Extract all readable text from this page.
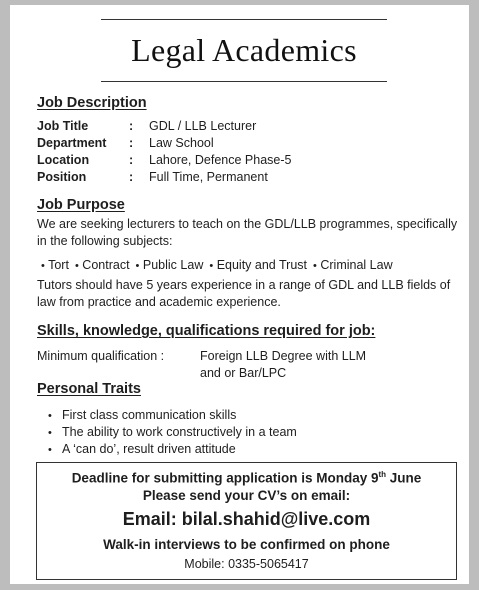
Legal Academics
Job Description
Job Title	: GDL / LLB Lecturer
Department : Law School
Location	: Lahore, Defence Phase-5
Position	: Full Time, Permanent
Job Purpose
We are seeking lecturers to teach on the GDL/LLB programmes, specifically in the following subjects:
• Tort • Contract • Public Law • Equity and Trust • Criminal Law
Tutors should have 5 years experience in a range of GDL and LLB fields of law from practice and academic experience.
Skills, knowledge, qualifications required for job:
Minimum qualification :	Foreign LLB Degree with LLM
and or Bar/LPC
Personal Traits
• First class communication skills
• The ability to work constructively in a team
• A ‘can do’, result driven attitude
Deadline for submitting application is Monday 9th June
Please send your CV’s on email:
Email: bilal.shahid@live.com
Walk-in interviews to be confirmed on phone
Mobile: 0335-5065417
